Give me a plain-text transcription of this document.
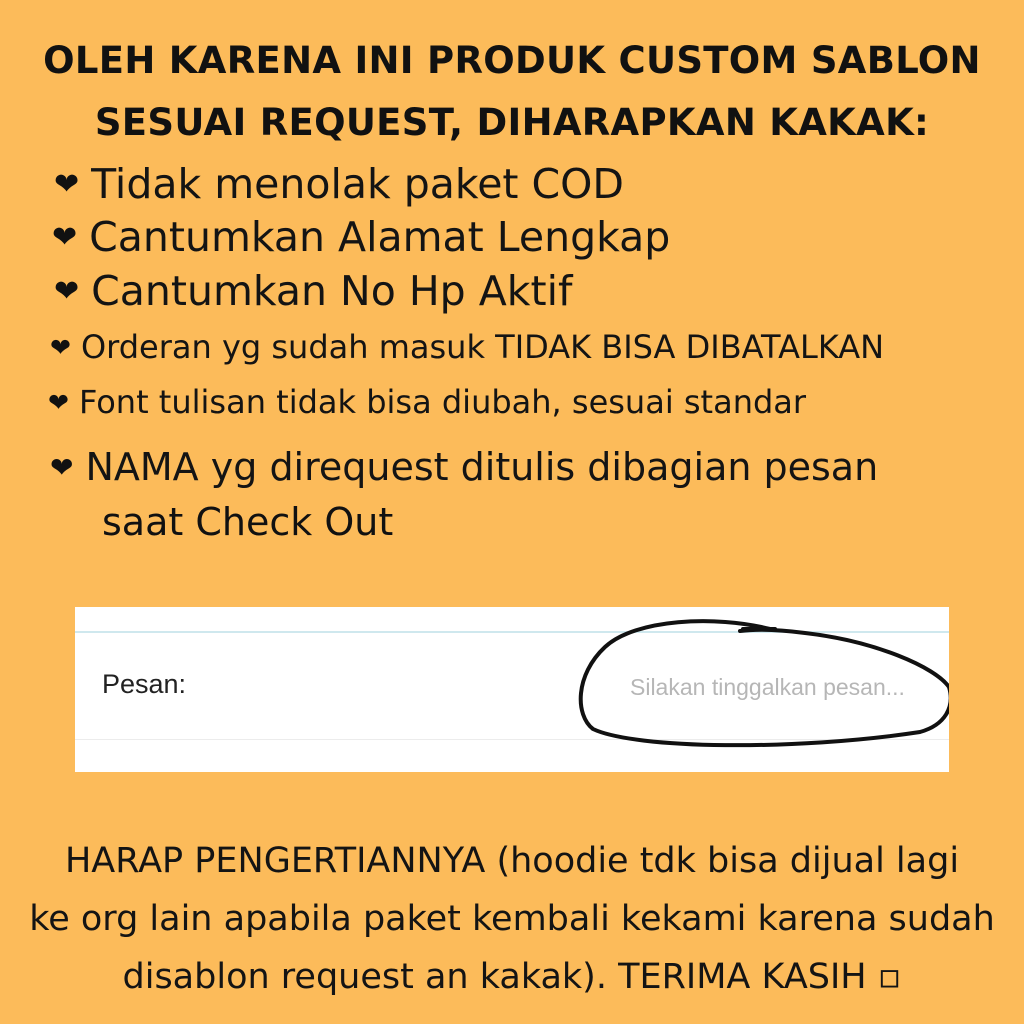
OLEH KARENA INI PRODUK CUSTOM SABLON
SESUAI REQUEST, DIHARAPKAN KAKAK:
❤ Tidak menolak paket COD
❤ Cantumkan Alamat Lengkap
❤ Cantumkan No Hp Aktif
❤ Orderan yg sudah masuk TIDAK BISA DIBATALKAN
❤ Font tulisan tidak bisa diubah, sesuai standar
❤ NAMA yg direquest ditulis dibagian pesan
saat Check Out
Pesan:
Silakan tinggalkan pesan...
HARAP PENGERTIANNYA (hoodie tdk bisa dijual lagi
ke org lain apabila paket kembali kekami karena sudah
disablon request an kakak). TERIMA KASIH ▫
